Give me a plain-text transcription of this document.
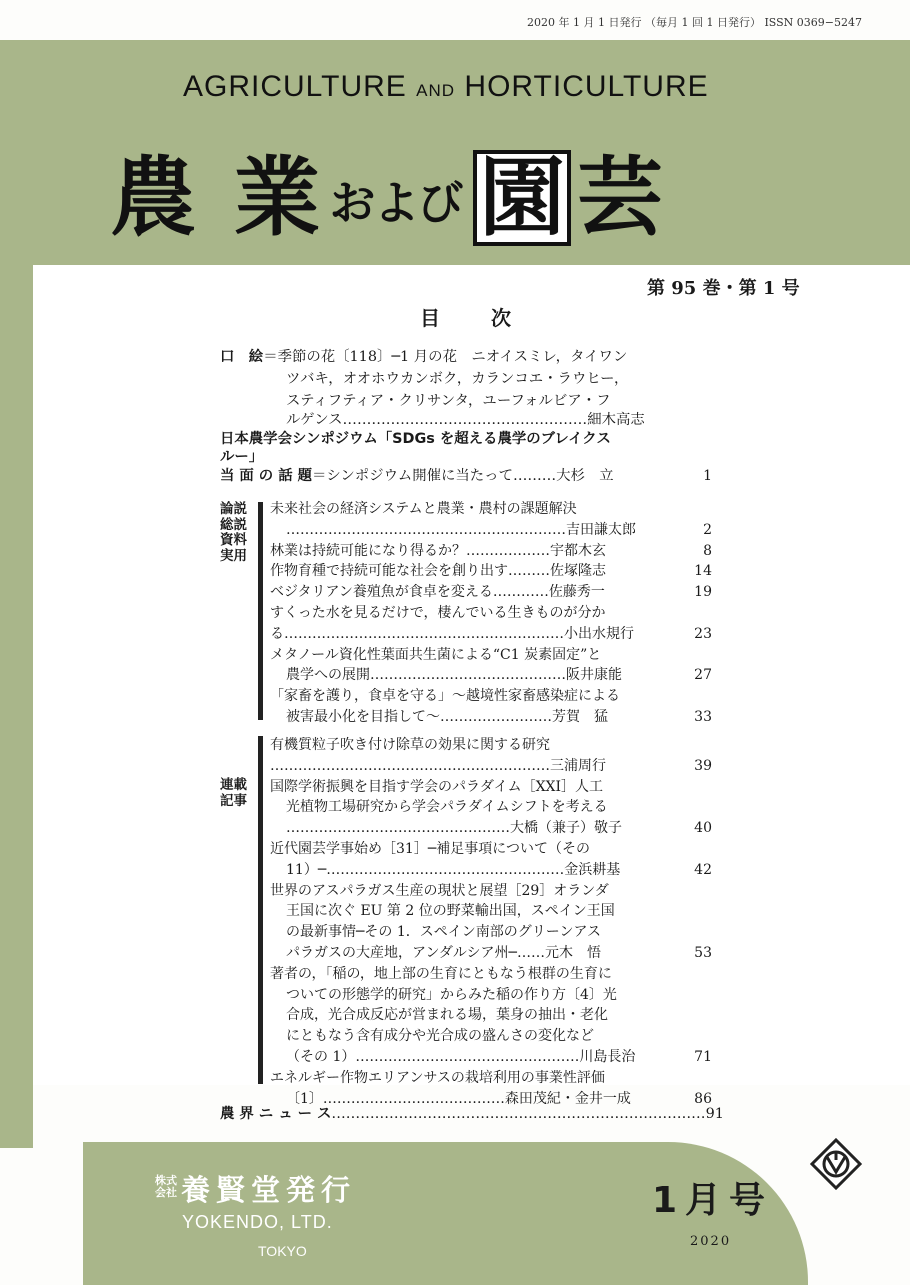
2020 年 1 月 1 日発行 （毎月 1 回 1 日発行） ISSN 0369−5247
AGRICULTURE AND HORTICULTURE
農 業 および 園 芸
第 95 巻・第 1 号
目 次
口　絵＝季節の花〔118〕─1 月の花　ニオイスミレ，タイワン
ツバキ，オオホウカンボク，カランコエ・ラウヒー，
スティフティア・クリサンタ，ユーフォルビア・フ
ルゲンス……………………………………………細木高志
日本農学会シンポジウム「SDGs を超える農学のブレイクス
ルー」
当 面 の 話 題＝シンポジウム開催に当たって………大杉　立	1
論説
総説
資料
実用
連載
記事
未来社会の経済システムと農業・農村の課題解決
……………………………………………………吉田謙太郎	2
林業は持続可能になり得るか？………………宇都木玄	8
作物育種で持続可能な社会を創り出す………佐塚隆志	14
ベジタリアン養殖魚が食卓を変える…………佐藤秀一	19
すくった水を見るだけで，棲んでいる生きものが分か
る……………………………………………………小出水規行	23
メタノール資化性葉面共生菌による“C1 炭素固定”と
農学への展開……………………………………阪井康能	27
「家畜を護り，食卓を守る」～越境性家畜感染症による
被害最小化を目指して～……………………芳賀　猛	33
有機質粒子吹き付け除草の効果に関する研究
……………………………………………………三浦周行	39
国際学術振興を目指す学会のパラダイム［XXI］人工
光植物工場研究から学会パラダイムシフトを考える
…………………………………………大橋（兼子）敬子	40
近代園芸学事始め［31］─補足事項について（その
11）─……………………………………………金浜耕基	42
世界のアスパラガス生産の現状と展望［29］オランダ
王国に次ぐ EU 第 2 位の野菜輸出国，スペイン王国
の最新事情─その 1．スペイン南部のグリーンアス
パラガスの大産地，アンダルシア州─……元木　悟	53
著者の，「稲の，地上部の生育にともなう根群の生育に
ついての形態学的研究」からみた稲の作り方〔4〕光
合成，光合成反応が営まれる場，葉身の抽出・老化
にともなう含有成分や光合成の盛んさの変化など
（その 1）…………………………………………川島長治	71
エネルギー作物エリアンサスの栽培利用の事業性評価
〔1〕…………………………………森田茂紀・金井一成	86
農 界 ニ ュ ー ス……………………………………………………………………91
株式
会社 養賢堂発行
YOKENDO, LTD.
TOKYO
1月号
2020
